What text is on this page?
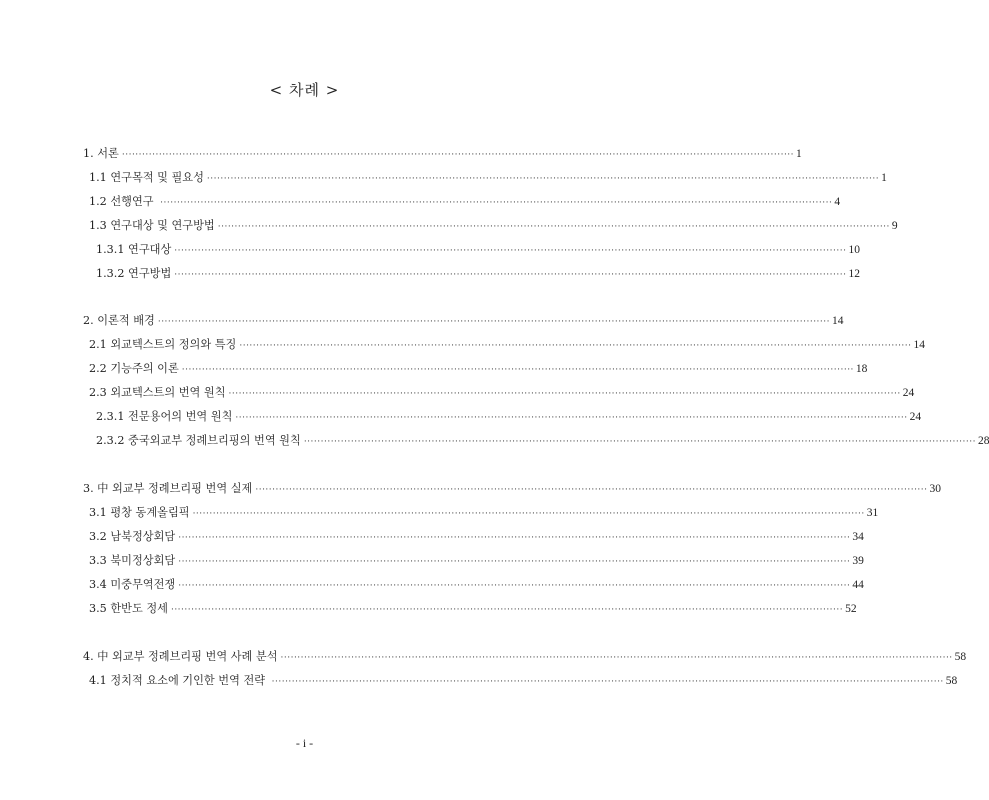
< 차례 >
1. 서론 ········································································································································································································ 1
1.1 연구목적 및 필요성 ········································································································································································································ 1
1.2 선행연구 ········································································································································································································ 4
1.3 연구대상 및 연구방법 ········································································································································································································ 9
1.3.1 연구대상 ········································································································································································································ 10
1.3.2 연구방법 ········································································································································································································ 12
2. 이론적 배경 ········································································································································································································ 14
2.1 외교텍스트의 정의와 특징 ········································································································································································································ 14
2.2 기능주의 이론 ········································································································································································································ 18
2.3 외교텍스트의 번역 원칙 ········································································································································································································ 24
2.3.1 전문용어의 번역 원칙 ········································································································································································································ 24
2.3.2 중국외교부 정례브리핑의 번역 원칙 ········································································································································································································ 28
3. 中 외교부 정례브리핑 번역 실제 ········································································································································································································ 30
3.1 평창 동계올림픽 ········································································································································································································ 31
3.2 남북정상회담 ········································································································································································································ 34
3.3 북미정상회담 ········································································································································································································ 39
3.4 미중무역전쟁 ········································································································································································································ 44
3.5 한반도 정세 ········································································································································································································ 52
4. 中 외교부 정례브리핑 번역 사례 분석 ········································································································································································································ 58
4.1 정치적 요소에 기인한 번역 전략 ········································································································································································································ 58
- i -
